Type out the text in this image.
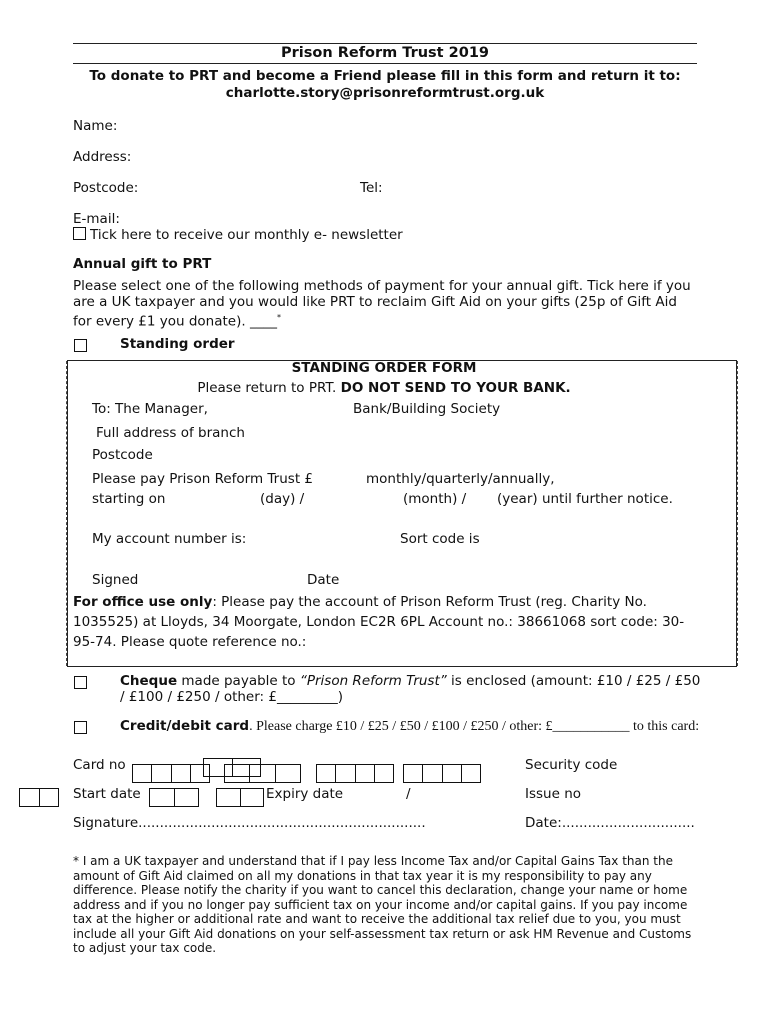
Prison Reform Trust 2019
To donate to PRT and become a Friend please fill in this form and return it to: charlotte.story@prisonreformtrust.org.uk
Name:
Address:
Postcode:	Tel:
E-mail:
Tick here to receive our monthly e- newsletter
Annual gift to PRT
Please select one of the following methods of payment for your annual gift. Tick here if you are a UK taxpayer and you would like PRT to reclaim Gift Aid on your gifts (25p of Gift Aid for every £1 you donate). ____*
Standing order
STANDING ORDER FORM
Please return to PRT. DO NOT SEND TO YOUR BANK.
To: The Manager,	Bank/Building Society
Full address of branch
Postcode
Please pay Prison Reform Trust £	monthly/quarterly/annually,
starting on	(day) /	(month) / (year) until further notice.
My account number is:	Sort code is
Signed	Date
For office use only: Please pay the account of Prison Reform Trust (reg. Charity No. 1035525) at Lloyds, 34 Moorgate, London EC2R 6PL Account no.: 38661068 sort code: 30-95-74. Please quote reference no.:
Cheque made payable to “Prison Reform Trust” is enclosed (amount: £10 / £25 / £50 / £100 / £250 / other: £_________)
Credit/debit card. Please charge £10 / £25 / £50 / £100 / £250 / other: £___________ to this card:
Card no	Security code
Start date	Expiry date	/	Issue no
Signature...................................................................	Date:...............................
* I am a UK taxpayer and understand that if I pay less Income Tax and/or Capital Gains Tax than the amount of Gift Aid claimed on all my donations in that tax year it is my responsibility to pay any difference. Please notify the charity if you want to cancel this declaration, change your name or home address and if you no longer pay sufficient tax on your income and/or capital gains. If you pay income tax at the higher or additional rate and want to receive the additional tax relief due to you, you must include all your Gift Aid donations on your self-assessment tax return or ask HM Revenue and Customs to adjust your tax code.
